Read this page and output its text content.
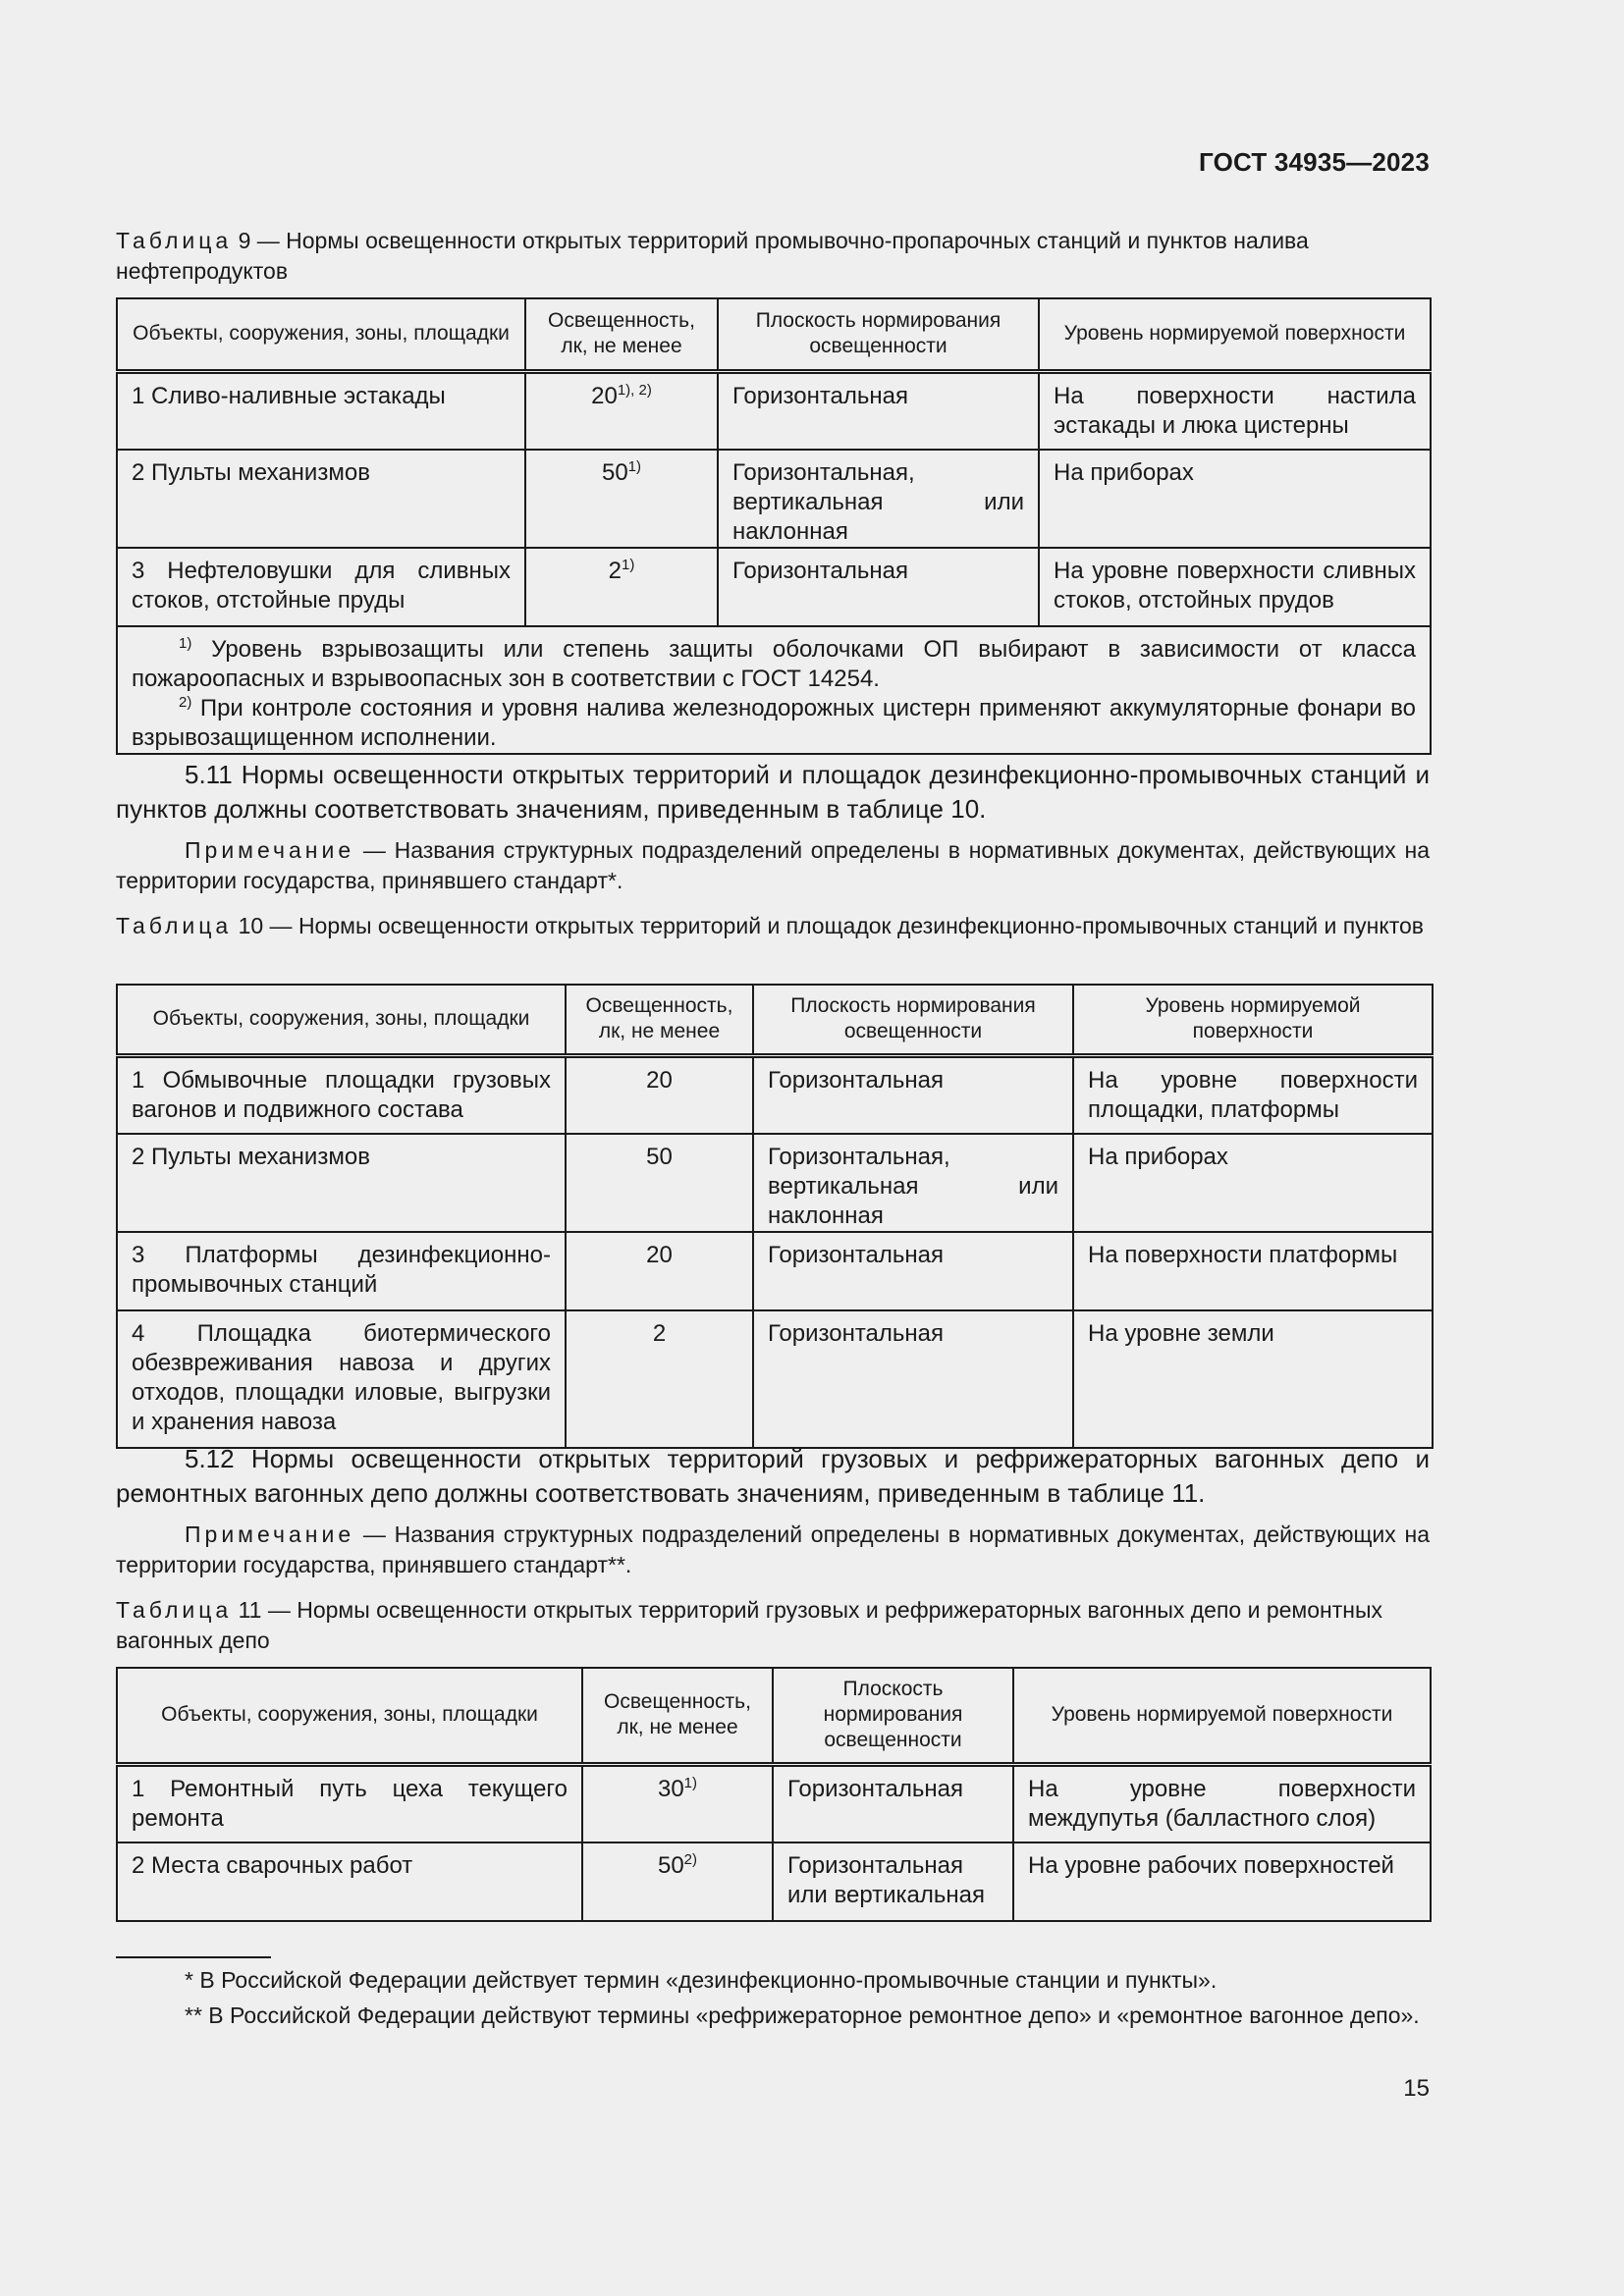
ГОСТ 34935—2023
Таблица 9 — Нормы освещенности открытых территорий промывочно-пропарочных станций и пунктов налива нефтепродуктов
Объекты, сооружения, зоны, площадки	Освещенность, лк, не менее	Плоскость нормирования освещенности	Уровень нормируемой поверхности
1 Сливо-наливные эстакады	$20^{1), 2)}$	Горизонтальная	На поверхности настила эстакады и люка цистерны
2 Пульты механизмов	50$^{1)}$	Горизонтальная, вертикальная или наклонная	На приборах
3 Нефтеловушки для сливных стоков, отстойные пруды	2$^{1)}$	Горизонтальная	На уровне поверхности сливных стоков, отстойных прудов

$^{1)}$ Уровень взрывозащиты или степень защиты оболочками ОП выбирают в зависимости от класса пожароопасных и взрывоопасных зон в соответствии с ГОСТ 14254.
$^{2)}$ При контроле состояния и уровня налива железнодорожных цистерн применяют аккумуляторные фонари во взрывозащищенном исполнении.			
5.11 Нормы освещенности открытых территорий и площадок дезинфекционно-промывочных станций и пунктов должны соответствовать значениям, приведенным в таблице 10.
Примечание — Названия структурных подразделений определены в нормативных документах, действующих на территории государства, принявшего стандарт*.
Таблица 10 — Нормы освещенности открытых территорий и площадок дезинфекционно-промывочных станций и пунктов
Объекты, сооружения, зоны, площадки	Освещенность, лк, не менее	Плоскость нормирования освещенности	Уровень нормируемой поверхности
1 Обмывочные площадки грузовых вагонов и подвижного состава	20	Горизонтальная	На уровне поверхности площадки, платформы
2 Пульты механизмов	50	Горизонтальная, вертикальная или наклонная	На приборах
3 Платформы дезинфекционно-промывочных станций	20	Горизонтальная	На поверхности платформы
4 Площадка биотермического обезвреживания навоза и других отходов, площадки иловые, выгрузки и хранения навоза	2	Горизонтальная	На уровне земли
5.12 Нормы освещенности открытых территорий грузовых и рефрижераторных вагонных депо и ремонтных вагонных депо должны соответствовать значениям, приведенным в таблице 11.
Примечание — Названия структурных подразделений определены в нормативных документах, действующих на территории государства, принявшего стандарт**.
Таблица 11 — Нормы освещенности открытых территорий грузовых и рефрижераторных вагонных депо и ремонтных вагонных депо
Объекты, сооружения, зоны, площадки	Освещенность, лк, не менее	Плоскость нормирования освещенности	Уровень нормируемой поверхности
1 Ремонтный путь цеха текущего ремонта	30$^{1)}$	Горизонтальная	На уровне поверхности междупутья (балластного слоя)
2 Места сварочных работ	50$^{2)}$	Горизонтальная или вертикальная	На уровне рабочих поверхностей
* В Российской Федерации действует термин «дезинфекционно-промывочные станции и пункты».
** В Российской Федерации действуют термины «рефрижераторное ремонтное депо» и «ремонтное вагонное депо».
15
